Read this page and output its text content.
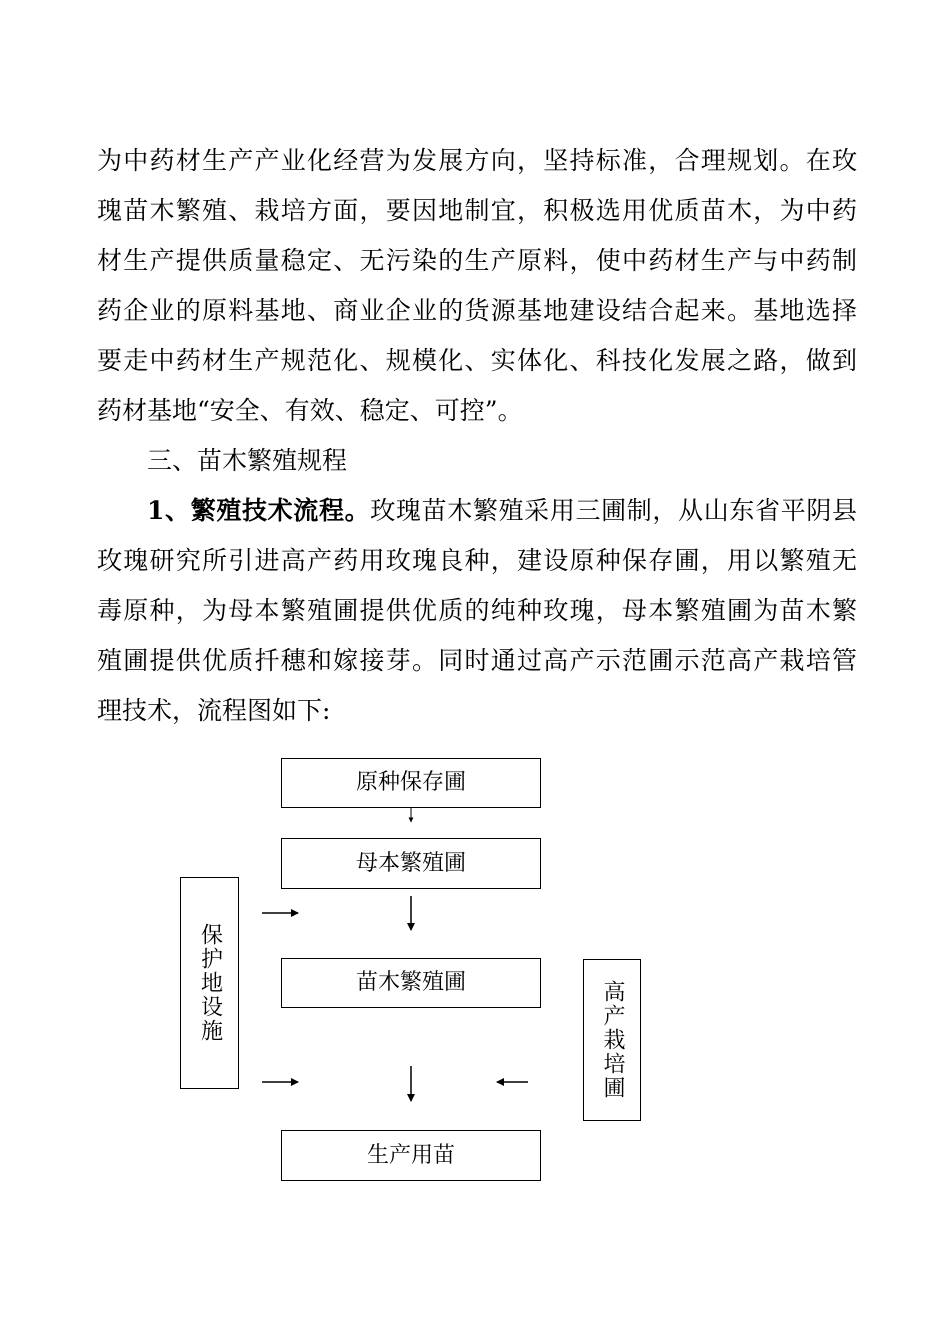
为中药材生产产业化经营为发展方向，坚持标准，合理规划。在玫
瑰苗木繁殖、栽培方面，要因地制宜，积极选用优质苗木，为中药
材生产提供质量稳定、无污染的生产原料，使中药材生产与中药制
药企业的原料基地、商业企业的货源基地建设结合起来。基地选择
要走中药材生产规范化、规模化、实体化、科技化发展之路，做到
药材基地“安全、有效、稳定、可控”。
三、苗木繁殖规程
1、繁殖技术流程。玫瑰苗木繁殖采用三圃制，从山东省平阴县
玫瑰研究所引进高产药用玫瑰良种，建设原种保存圃，用以繁殖无
毒原种，为母本繁殖圃提供优质的纯种玫瑰，母本繁殖圃为苗木繁
殖圃提供优质扦穗和嫁接芽。同时通过高产示范圃示范高产栽培管
理技术，流程图如下:
原种保存圃
母本繁殖圃
苗木繁殖圃
生产用苗
保护地设施	高产栽培圃
